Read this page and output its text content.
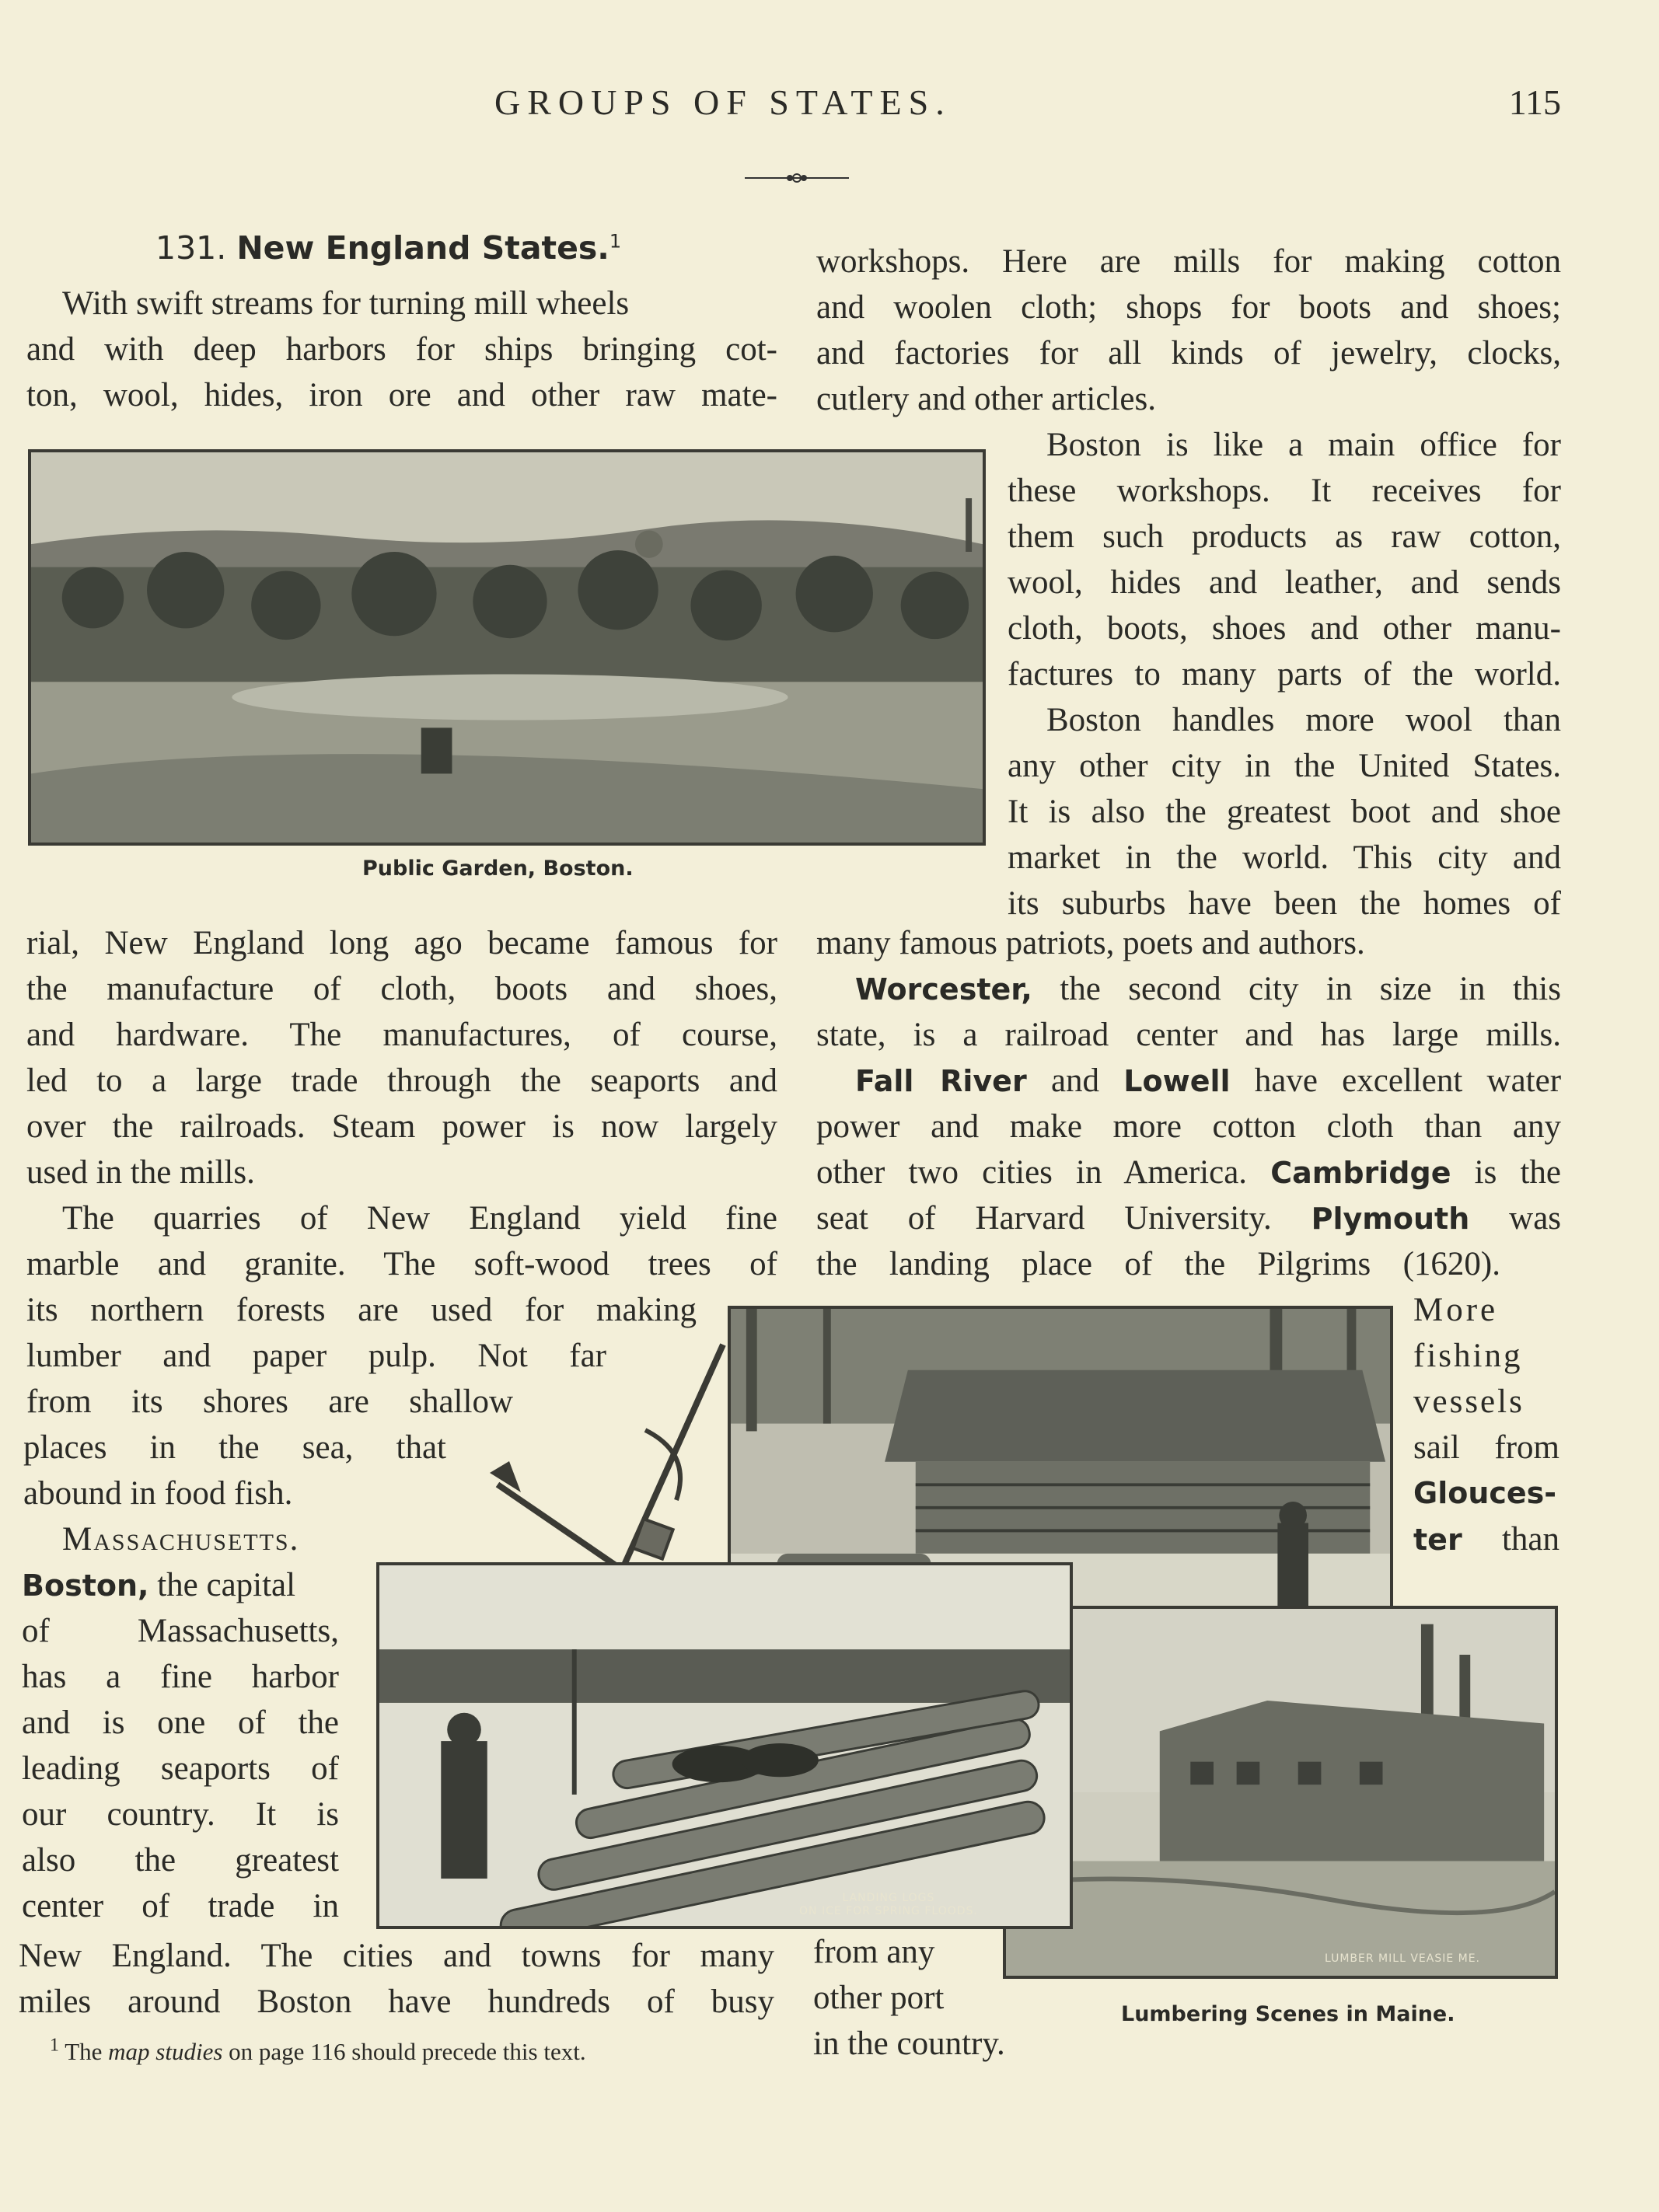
GROUPS OF STATES.	115
131. New England States.$^1$
With swift streams for turning mill wheels
and with deep harbors for ships bringing cot-
ton, wool, hides, iron ore and other raw mate-
Public Garden, Boston.
rial, New England long ago became famous for
the manufacture of cloth, boots and shoes,
and hardware. The manufactures, of course,
led to a large trade through the seaports and
over the railroads. Steam power is now largely
used in the mills.
The quarries of New England yield fine
marble and granite. The soft-wood trees of
its northern forests are used for making
lumber and paper pulp. Not far
from its shores are shallow
places in the sea, that
abound in food fish.
Massachusetts.
Boston, the capital
of Massachusetts,
has a fine harbor
and is one of the
leading seaports of
our country. It is
also the greatest
center of trade in
New England. The cities and towns for many
miles around Boston have hundreds of busy
$^1$ The map studies on page 116 should precede this text.
workshops. Here are mills for making cotton
and woolen cloth; shops for boots and shoes;
and factories for all kinds of jewelry, clocks,
cutlery and other articles.
Boston is like a main office for
these workshops. It receives for
them such products as raw cotton,
wool, hides and leather, and sends
cloth, boots, shoes and other manu-
factures to many parts of the world.
Boston handles more wool than
any other city in the United States.
It is also the greatest boot and shoe
market in the world. This city and
its suburbs have been the homes of
many famous patriots, poets and authors.
Worcester, the second city in size in this
state, is a railroad center and has large mills.
Fall River and Lowell have excellent water
power and make more cotton cloth than any
other two cities in America. Cambridge is the
seat of Harvard University. Plymouth was
the landing place of the Pilgrims (1620).
More
fishing
vessels
sail from
Glouces-
ter than
from any
other port
in the country.
LUMBER MILL VEASIE ME.
LANDING LOGS
ON ICE FOR SPRING FLOODS.
Lumbering Scenes in Maine.
